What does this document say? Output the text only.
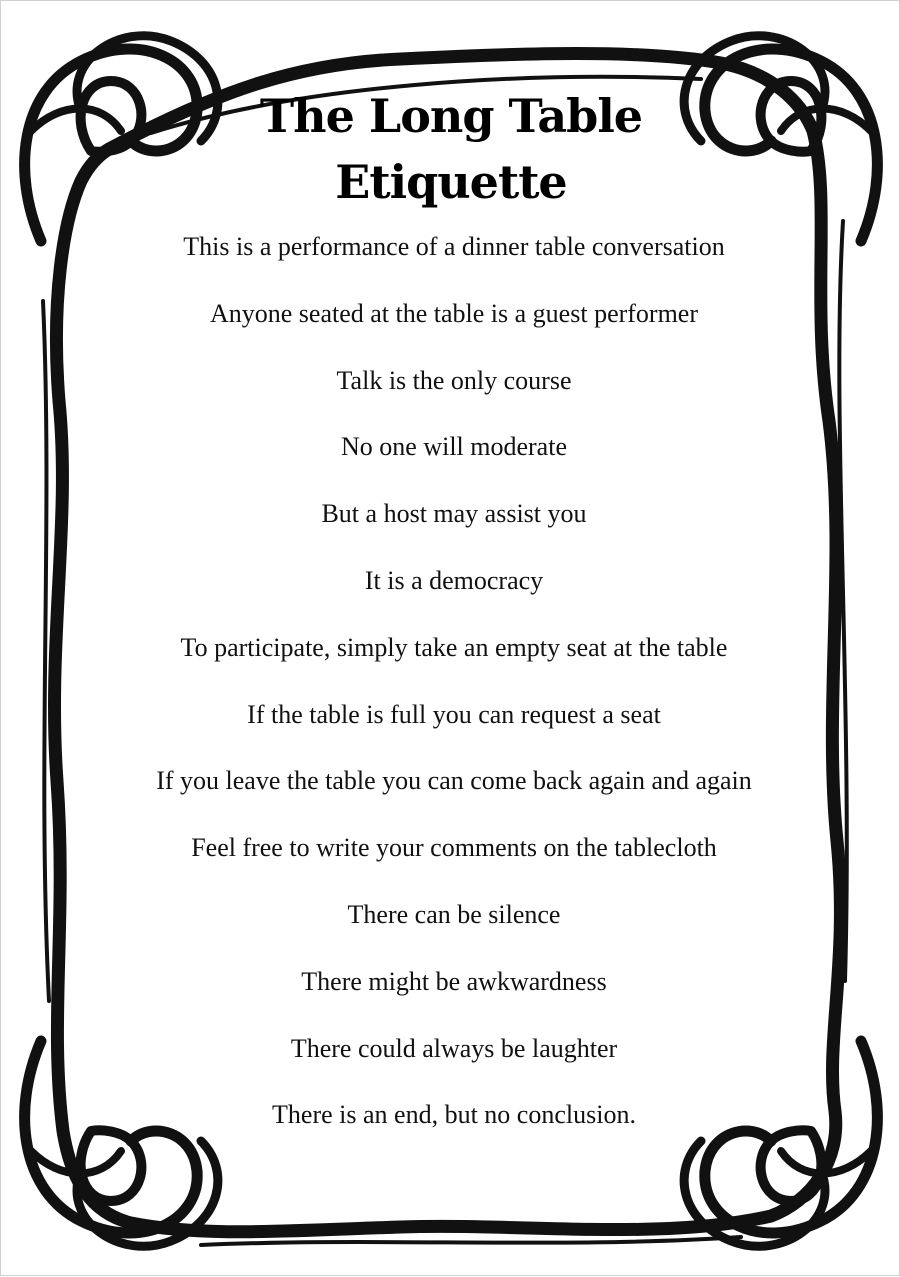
The Long Table
Etiquette
This is a performance of a dinner table conversation
Anyone seated at the table is a guest performer
Talk is the only course
No one will moderate
But a host may assist you
It is a democracy
To participate, simply take an empty seat at the table
If the table is full you can request a seat
If you leave the table you can come back again and again
Feel free to write your comments on the tablecloth
There can be silence
There might be awkwardness
There could always be laughter
There is an end, but no conclusion.
